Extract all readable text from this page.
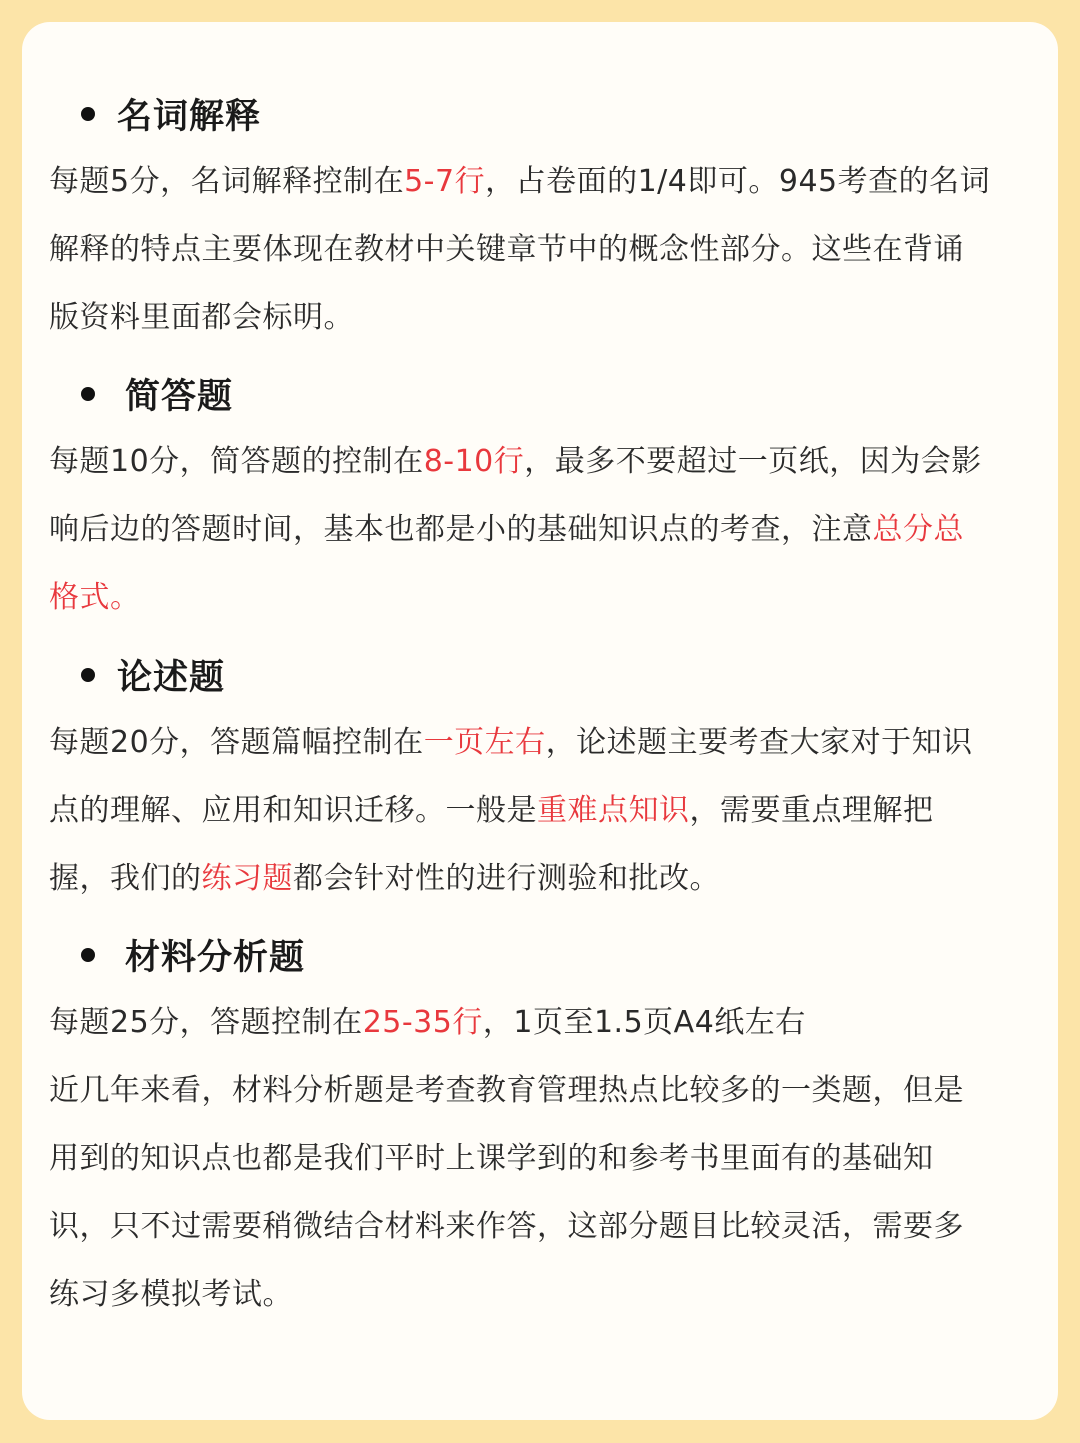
名词解释
每题5分，名词解释控制在5-7行，占卷面的1/4即可。945考查的名词
解释的特点主要体现在教材中关键章节中的概念性部分。这些在背诵
版资料里面都会标明。
简答题
每题10分，简答题的控制在8-10行，最多不要超过一页纸，因为会影
响后边的答题时间，基本也都是小的基础知识点的考查，注意总分总
格式。
论述题
每题20分，答题篇幅控制在一页左右，论述题主要考查大家对于知识
点的理解、应用和知识迁移。一般是重难点知识，需要重点理解把
握，我们的练习题都会针对性的进行测验和批改。
材料分析题
每题25分，答题控制在25-35行，1页至1.5页A4纸左右
近几年来看，材料分析题是考查教育管理热点比较多的一类题，但是
用到的知识点也都是我们平时上课学到的和参考书里面有的基础知
识，只不过需要稍微结合材料来作答，这部分题目比较灵活，需要多
练习多模拟考试。
